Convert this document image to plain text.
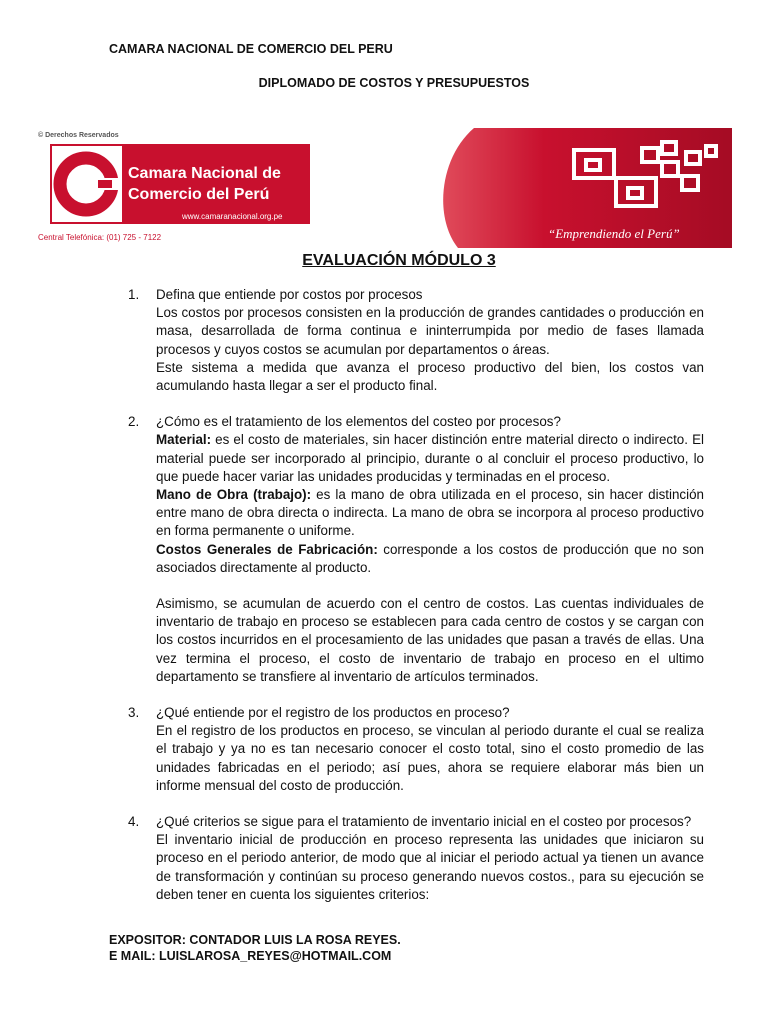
CAMARA NACIONAL DE COMERCIO DEL PERU
DIPLOMADO DE COSTOS Y PRESUPUESTOS
© Derechos Reservados
Camara Nacional de
Comercio del Perú
www.camaranacional.org.pe
Central Telefónica: (01) 725 - 7122	“Emprendiendo el Perú”
EVALUACIÓN MÓDULO 3
1. Defina que entiende por costos por procesos
Los costos por procesos consisten en la producción de grandes cantidades o producción en masa, desarrollada de forma continua e ininterrumpida por medio de fases llamada procesos y cuyos costos se acumulan por departamentos o áreas.
Este sistema a medida que avanza el proceso productivo del bien, los costos van acumulando hasta llegar a ser el producto final.
2. ¿Cómo es el tratamiento de los elementos del costeo por procesos?
Material: es el costo de materiales, sin hacer distinción entre material directo o indirecto. El material puede ser incorporado al principio, durante o al concluir el proceso productivo, lo que puede hacer variar las unidades producidas y terminadas en el proceso.
Mano de Obra (trabajo): es la mano de obra utilizada en el proceso, sin hacer distinción entre mano de obra directa o indirecta. La mano de obra se incorpora al proceso productivo en forma permanente o uniforme.
Costos Generales de Fabricación: corresponde a los costos de producción que no son asociados directamente al producto.
Asimismo, se acumulan de acuerdo con el centro de costos. Las cuentas individuales de inventario de trabajo en proceso se establecen para cada centro de costos y se cargan con los costos incurridos en el procesamiento de las unidades que pasan a través de ellas. Una vez termina el proceso, el costo de inventario de trabajo en proceso en el ultimo departamento se transfiere al inventario de artículos terminados.
3. ¿Qué entiende por el registro de los productos en proceso?
En el registro de los productos en proceso, se vinculan al periodo durante el cual se realiza el trabajo y ya no es tan necesario conocer el costo total, sino el costo promedio de las unidades fabricadas en el periodo; así pues, ahora se requiere elaborar más bien un informe mensual del costo de producción.
4. ¿Qué criterios se sigue para el tratamiento de inventario inicial en el costeo por procesos?
El inventario inicial de producción en proceso representa las unidades que iniciaron su proceso en el periodo anterior, de modo que al iniciar el periodo actual ya tienen un avance de transformación y continúan su proceso generando nuevos costos., para su ejecución se deben tener en cuenta los siguientes criterios:
EXPOSITOR: CONTADOR LUIS LA ROSA REYES.
E MAIL: LUISLAROSA_REYES@HOTMAIL.COM
